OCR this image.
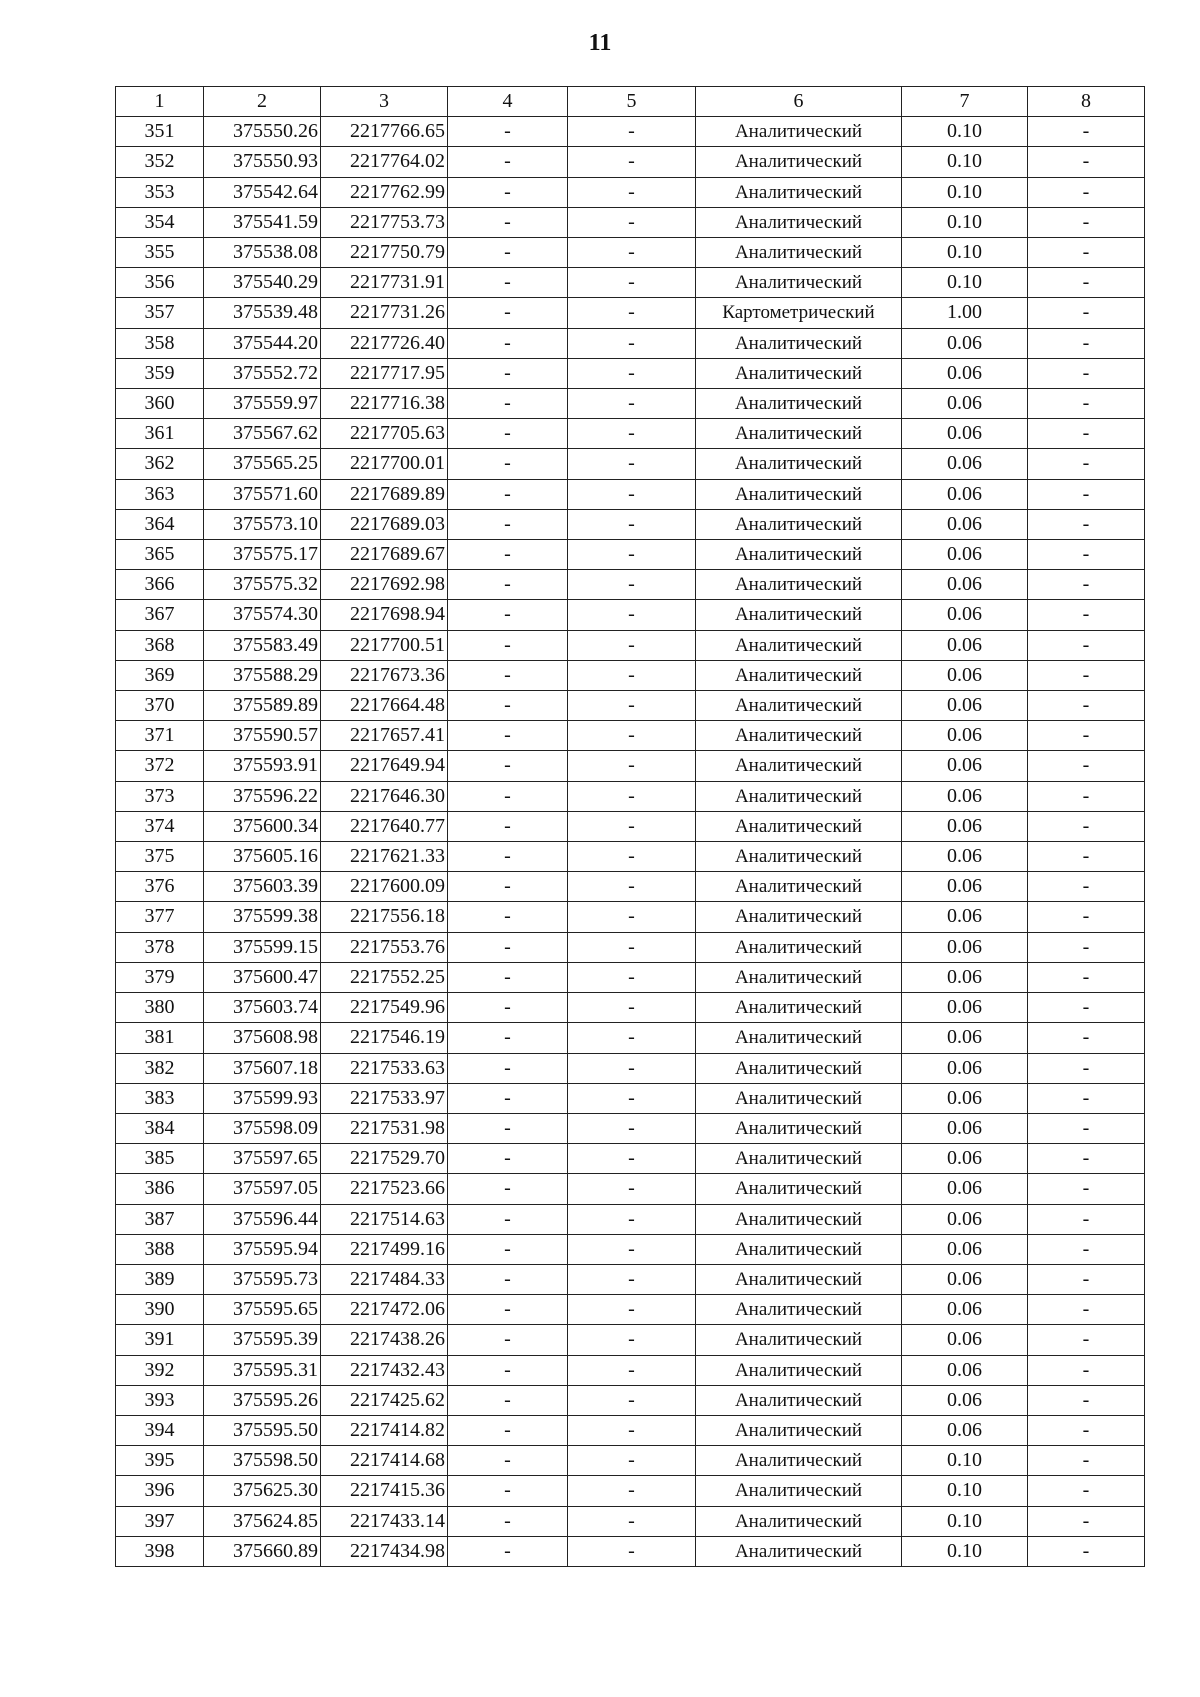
11
1	2	3	4	5	6	7	8
351	375550.26	2217766.65	-	-	Аналитический	0.10	-
352	375550.93	2217764.02	-	-	Аналитический	0.10	-
353	375542.64	2217762.99	-	-	Аналитический	0.10	-
354	375541.59	2217753.73	-	-	Аналитический	0.10	-
355	375538.08	2217750.79	-	-	Аналитический	0.10	-
356	375540.29	2217731.91	-	-	Аналитический	0.10	-
357	375539.48	2217731.26	-	-	Картометрический	1.00	-
358	375544.20	2217726.40	-	-	Аналитический	0.06	-
359	375552.72	2217717.95	-	-	Аналитический	0.06	-
360	375559.97	2217716.38	-	-	Аналитический	0.06	-
361	375567.62	2217705.63	-	-	Аналитический	0.06	-
362	375565.25	2217700.01	-	-	Аналитический	0.06	-
363	375571.60	2217689.89	-	-	Аналитический	0.06	-
364	375573.10	2217689.03	-	-	Аналитический	0.06	-
365	375575.17	2217689.67	-	-	Аналитический	0.06	-
366	375575.32	2217692.98	-	-	Аналитический	0.06	-
367	375574.30	2217698.94	-	-	Аналитический	0.06	-
368	375583.49	2217700.51	-	-	Аналитический	0.06	-
369	375588.29	2217673.36	-	-	Аналитический	0.06	-
370	375589.89	2217664.48	-	-	Аналитический	0.06	-
371	375590.57	2217657.41	-	-	Аналитический	0.06	-
372	375593.91	2217649.94	-	-	Аналитический	0.06	-
373	375596.22	2217646.30	-	-	Аналитический	0.06	-
374	375600.34	2217640.77	-	-	Аналитический	0.06	-
375	375605.16	2217621.33	-	-	Аналитический	0.06	-
376	375603.39	2217600.09	-	-	Аналитический	0.06	-
377	375599.38	2217556.18	-	-	Аналитический	0.06	-
378	375599.15	2217553.76	-	-	Аналитический	0.06	-
379	375600.47	2217552.25	-	-	Аналитический	0.06	-
380	375603.74	2217549.96	-	-	Аналитический	0.06	-
381	375608.98	2217546.19	-	-	Аналитический	0.06	-
382	375607.18	2217533.63	-	-	Аналитический	0.06	-
383	375599.93	2217533.97	-	-	Аналитический	0.06	-
384	375598.09	2217531.98	-	-	Аналитический	0.06	-
385	375597.65	2217529.70	-	-	Аналитический	0.06	-
386	375597.05	2217523.66	-	-	Аналитический	0.06	-
387	375596.44	2217514.63	-	-	Аналитический	0.06	-
388	375595.94	2217499.16	-	-	Аналитический	0.06	-
389	375595.73	2217484.33	-	-	Аналитический	0.06	-
390	375595.65	2217472.06	-	-	Аналитический	0.06	-
391	375595.39	2217438.26	-	-	Аналитический	0.06	-
392	375595.31	2217432.43	-	-	Аналитический	0.06	-
393	375595.26	2217425.62	-	-	Аналитический	0.06	-
394	375595.50	2217414.82	-	-	Аналитический	0.06	-
395	375598.50	2217414.68	-	-	Аналитический	0.10	-
396	375625.30	2217415.36	-	-	Аналитический	0.10	-
397	375624.85	2217433.14	-	-	Аналитический	0.10	-
398	375660.89	2217434.98	-	-	Аналитический	0.10	-
